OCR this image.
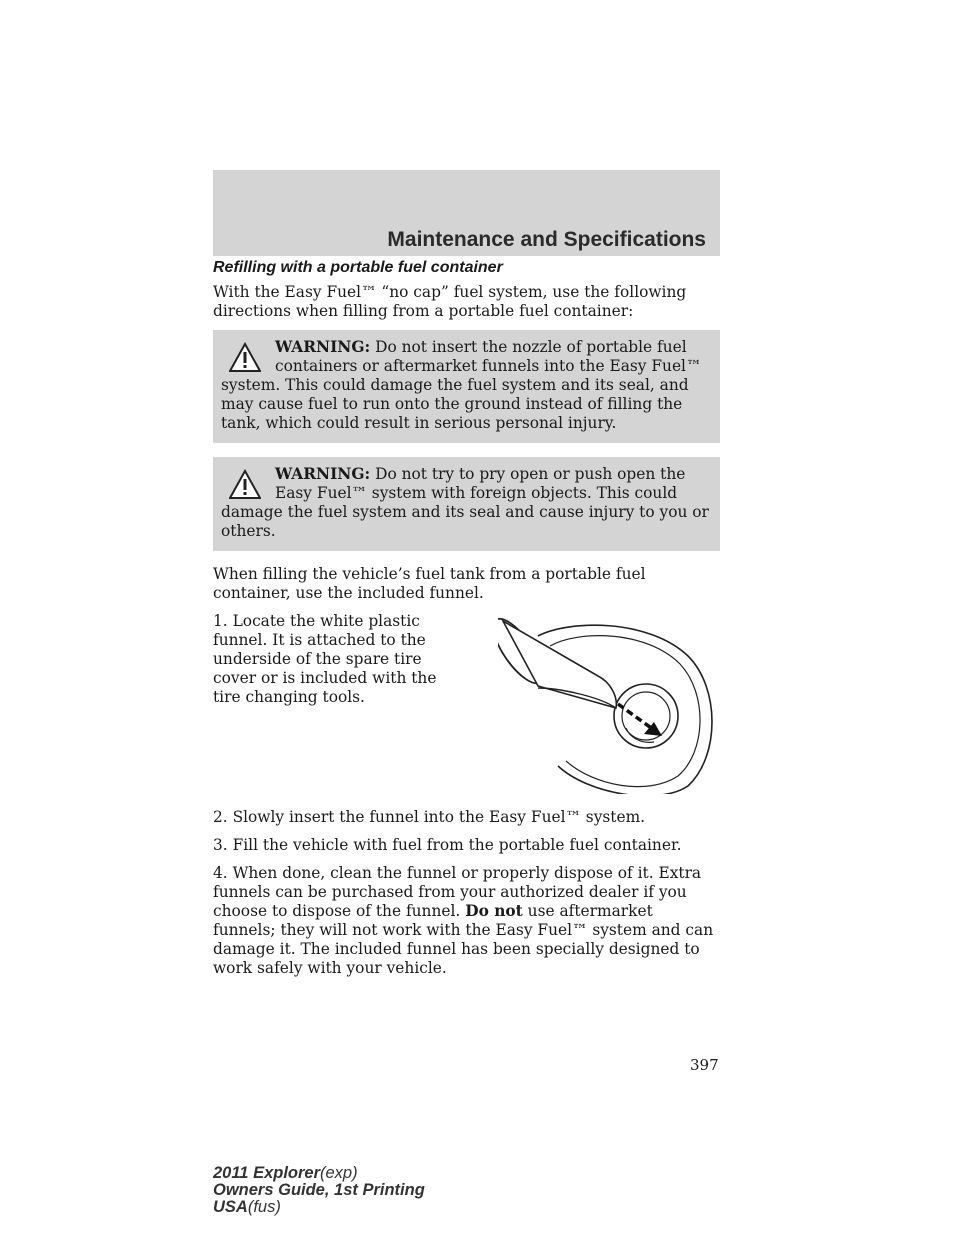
Maintenance and Specifications
Refilling with a portable fuel container

With the Easy Fuel™ “no cap” fuel system, use the following directions when filling from a portable fuel container:

WARNING: Do not insert the nozzle of portable fuel containers or aftermarket funnels into the Easy Fuel™ system. This could damage the fuel system and its seal, and may cause fuel to run onto the ground instead of filling the tank, which could result in serious personal injury.
WARNING: Do not try to pry open or push open the Easy Fuel™ system with foreign objects. This could damage the fuel system and its seal and cause injury to you or others.

When filling the vehicle’s fuel tank from a portable fuel container, use the included funnel.

1. Locate the white plastic funnel. It is attached to the underside of the spare tire cover or is included with the tire changing tools.

2. Slowly insert the funnel into the Easy Fuel™ system.

3. Fill the vehicle with fuel from the portable fuel container.

4. When done, clean the funnel or properly dispose of it. Extra funnels can be purchased from your authorized dealer if you choose to dispose of the funnel. Do not use aftermarket funnels; they will not work with the Easy Fuel™ system and can damage it. The included funnel has been specially designed to work safely with your vehicle.

397
2011 Explorer(exp)
Owners Guide, 1st Printing
USA(fus)
